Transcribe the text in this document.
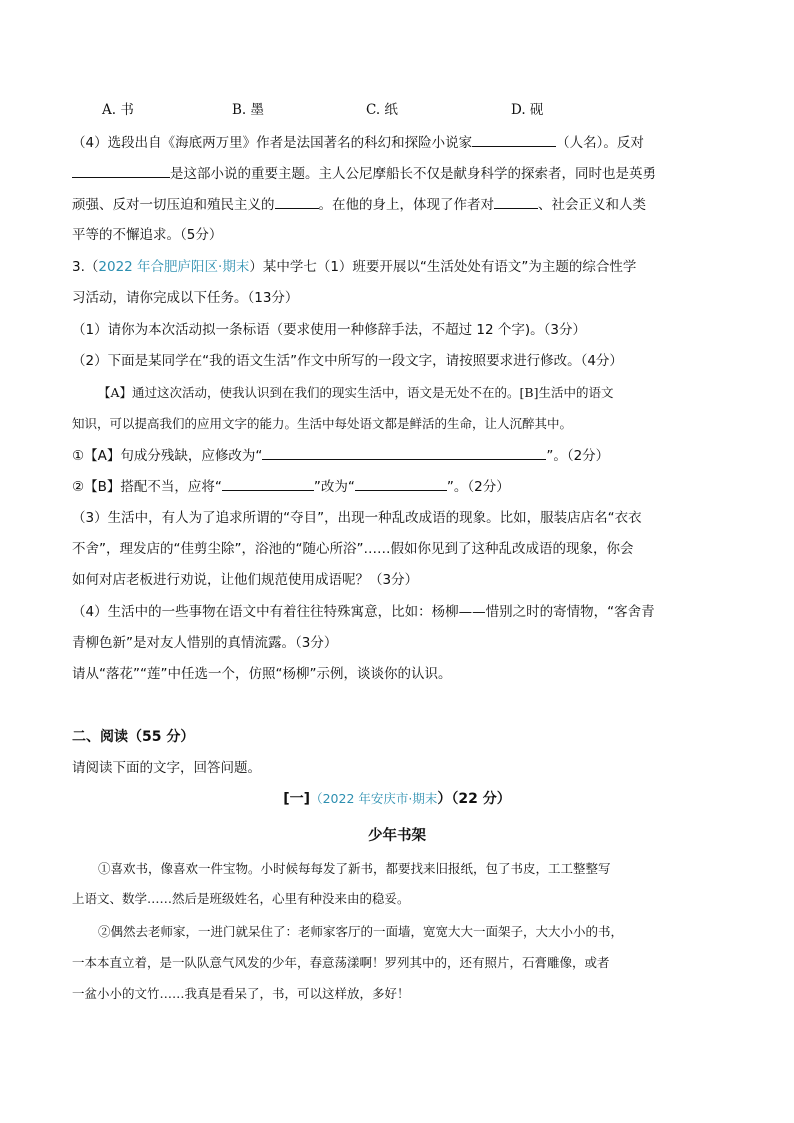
A. 书	B. 墨	C. 纸	D. 砚
（4）选段出自《海底两万里》作者是法国著名的科幻和探险小说家	（人名）。反对
是这部小说的重要主题。主人公尼摩船长不仅是献身科学的探索者，同时也是英勇
顽强、反对一切压迫和殖民主义的	。在他的身上，体现了作者对	、社会正义和人类
平等的不懈追求。（5分）
3.（2022 年合肥庐阳区·期末）某中学七（1）班要开展以“生活处处有语文”为主题的综合性学
习活动，请你完成以下任务。（13分）
（1）请你为本次活动拟一条标语（要求使用一种修辞手法，不超过 12 个字)。（3分）
（2）下面是某同学在“我的语文生活”作文中所写的一段文字，请按照要求进行修改。（4分）
【A】通过这次活动，使我认识到在我们的现实生活中，语文是无处不在的。[B]生活中的语文
知识，可以提高我们的应用文字的能力。生活中每处语文都是鲜活的生命，让人沉醉其中。
①【A】句成分残缺，应修改为“	”。（2分）
②【B】搭配不当，应将“	”改为“	”。（2分）
（3）生活中，有人为了追求所谓的“夺目”，出现一种乱改成语的现象。比如，服装店店名“衣衣
不舍”，理发店的“佳剪尘除”，浴池的“随心所浴”……假如你见到了这种乱改成语的现象，你会
如何对店老板进行劝说，让他们规范使用成语呢？（3分）
（4）生活中的一些事物在语文中有着往往特殊寓意，比如：杨柳——惜别之时的寄情物，“客舍青
青柳色新”是对友人惜别的真情流露。（3分）
请从“落花”“莲”中任选一个，仿照“杨柳”示例，谈谈你的认识。
二、阅读（55 分）
请阅读下面的文字，回答问题。
[一]（2022 年安庆市·期末）（22 分）
少年书架
①喜欢书，像喜欢一件宝物。小时候每每发了新书，都要找来旧报纸，包了书皮，工工整整写
上语文、数学……然后是班级姓名，心里有种没来由的稳妥。
②偶然去老师家，一进门就呆住了：老师家客厅的一面墙，宽宽大大一面架子，大大小小的书，
一本本直立着，是一队队意气风发的少年，春意荡漾啊！罗列其中的，还有照片，石膏雕像，或者
一盆小小的文竹……我真是看呆了，书，可以这样放，多好！
